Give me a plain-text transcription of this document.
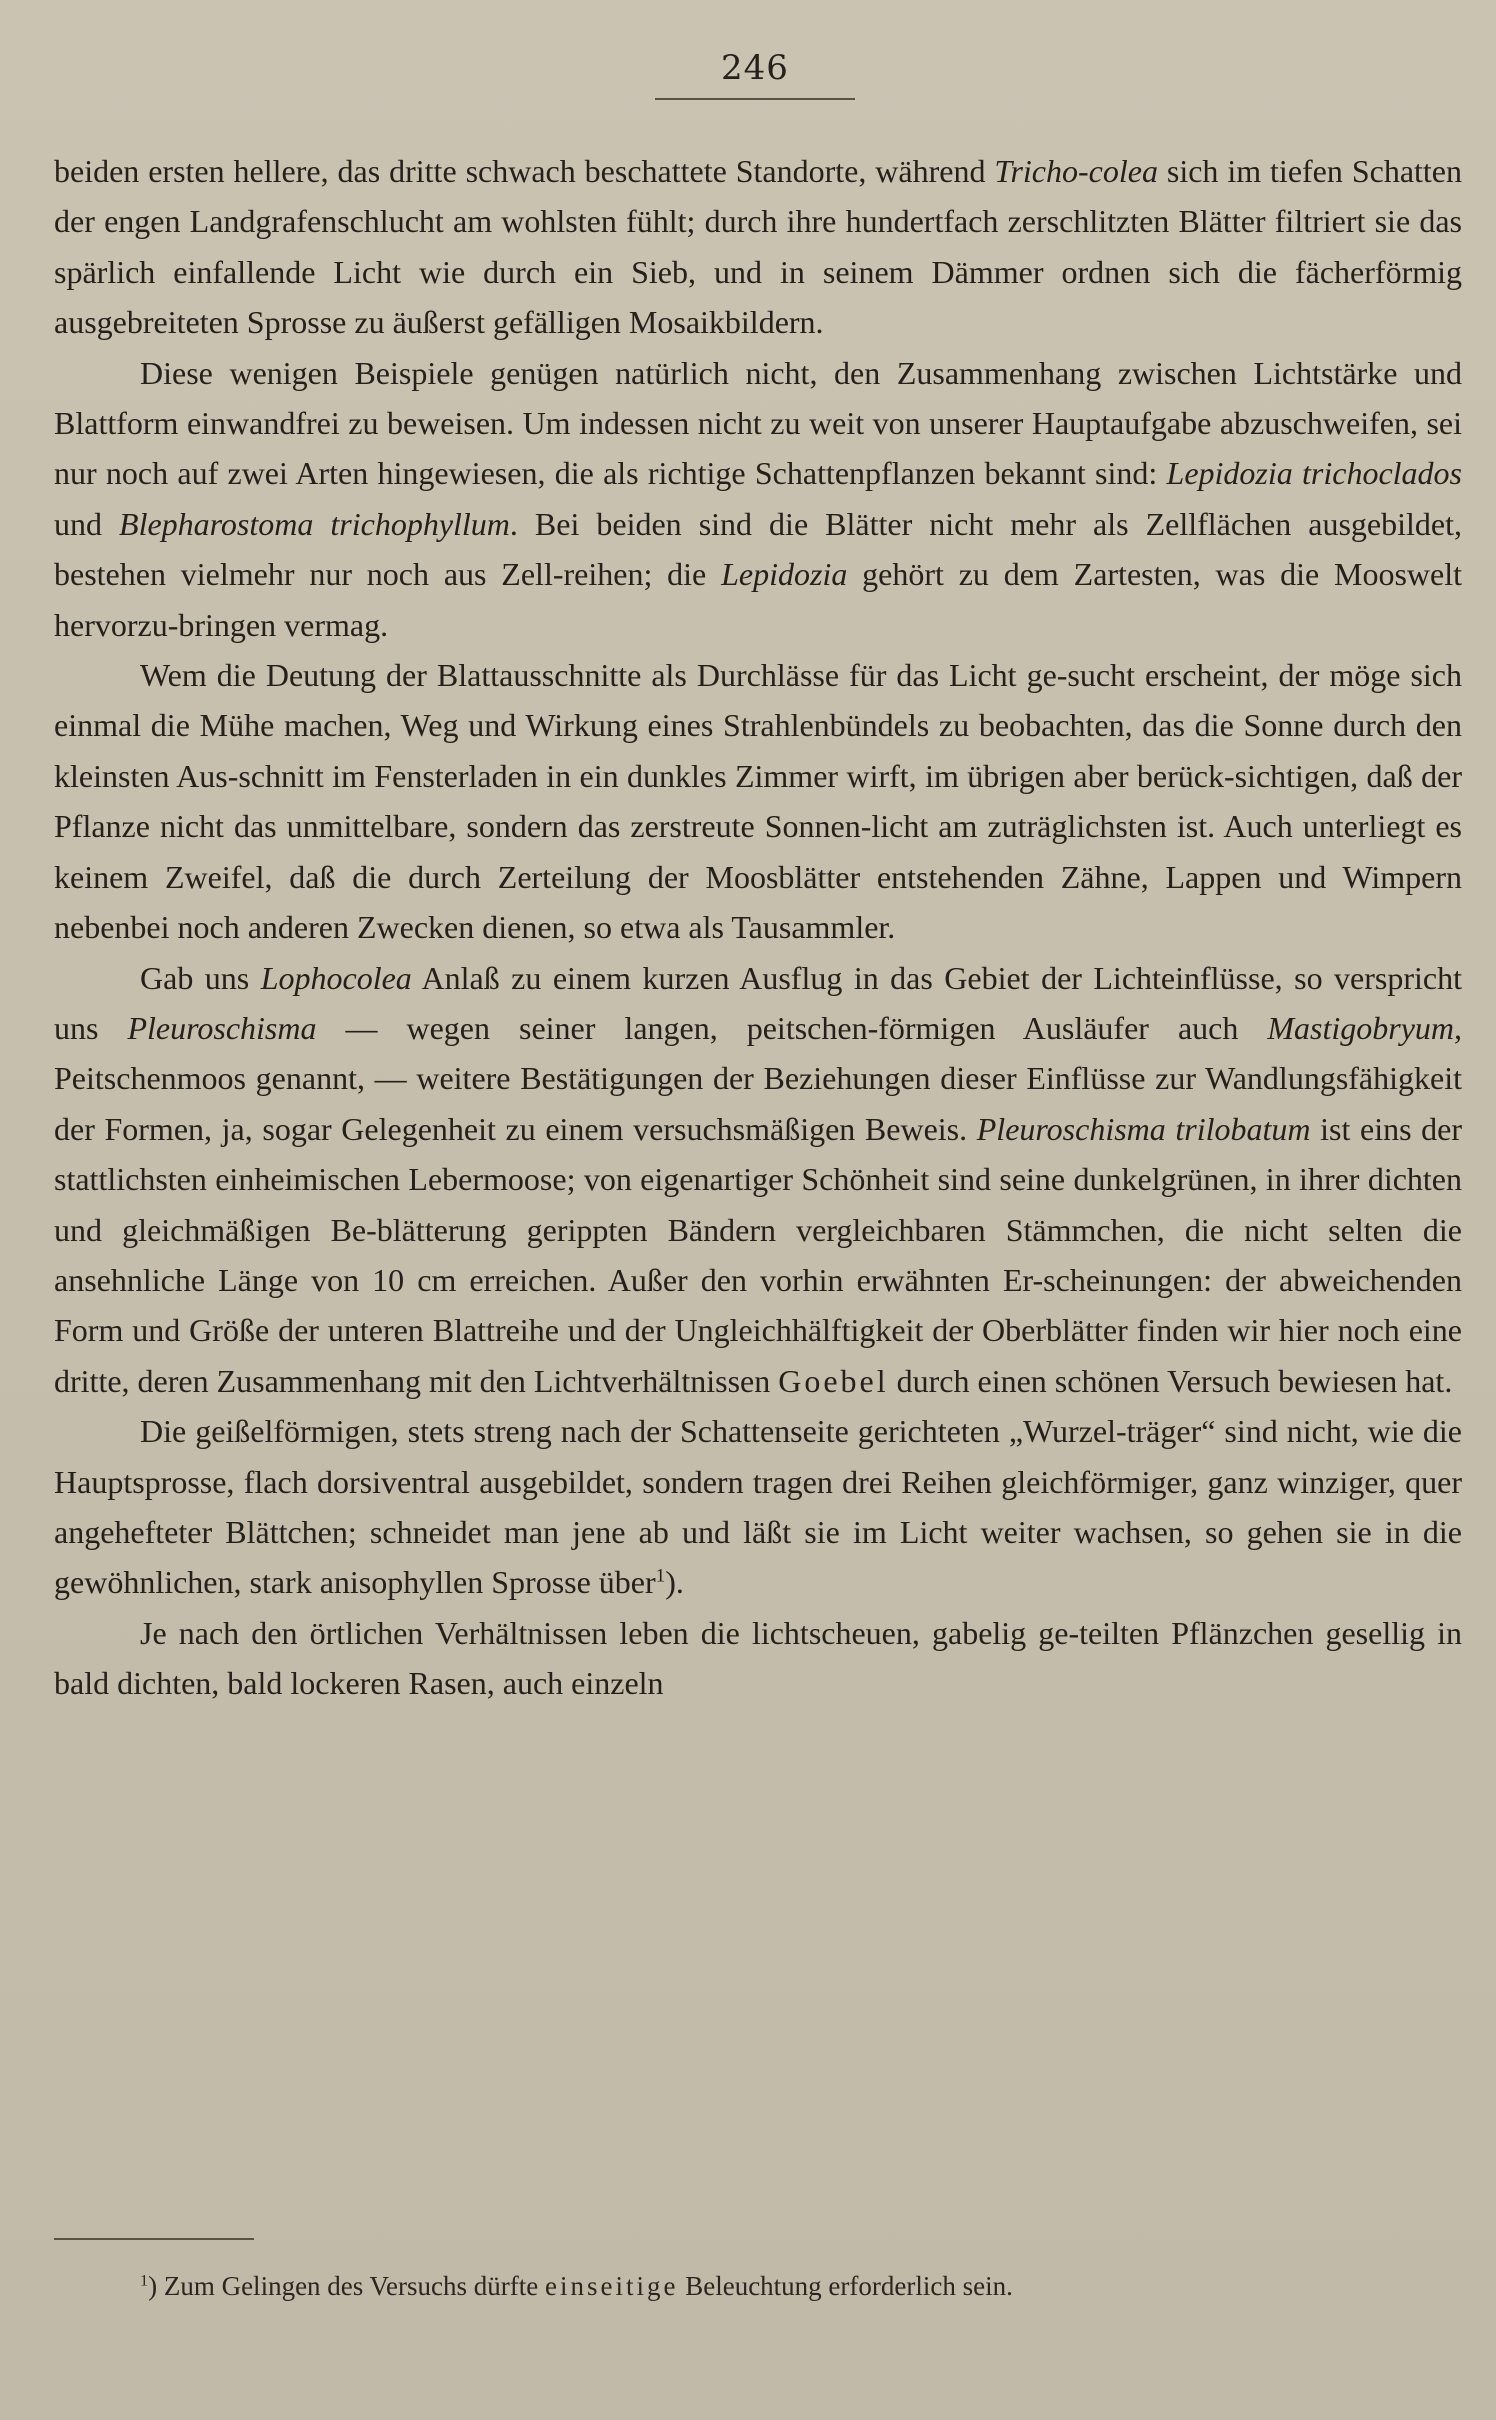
246

beiden ersten hellere, das dritte schwach beschattete Standorte, während Tricho-colea sich im tiefen Schatten der engen Landgrafenschlucht am wohlsten fühlt; durch ihre hundertfach zerschlitzten Blätter filtriert sie das spärlich einfallende Licht wie durch ein Sieb, und in seinem Dämmer ordnen sich die fächerförmig ausgebreiteten Sprosse zu äußerst gefälligen Mosaikbildern.

Diese wenigen Beispiele genügen natürlich nicht, den Zusammenhang zwischen Lichtstärke und Blattform einwandfrei zu beweisen. Um indessen nicht zu weit von unserer Hauptaufgabe abzuschweifen, sei nur noch auf zwei Arten hingewiesen, die als richtige Schattenpflanzen bekannt sind: Lepidozia trichoclados und Blepharostoma trichophyllum. Bei beiden sind die Blätter nicht mehr als Zellflächen ausgebildet, bestehen vielmehr nur noch aus Zell-reihen; die Lepidozia gehört zu dem Zartesten, was die Mooswelt hervorzu-bringen vermag.

Wem die Deutung der Blattausschnitte als Durchlässe für das Licht ge-sucht erscheint, der möge sich einmal die Mühe machen, Weg und Wirkung eines Strahlenbündels zu beobachten, das die Sonne durch den kleinsten Aus-schnitt im Fensterladen in ein dunkles Zimmer wirft, im übrigen aber berück-sichtigen, daß der Pflanze nicht das unmittelbare, sondern das zerstreute Sonnen-licht am zuträglichsten ist. Auch unterliegt es keinem Zweifel, daß die durch Zerteilung der Moosblätter entstehenden Zähne, Lappen und Wimpern nebenbei noch anderen Zwecken dienen, so etwa als Tausammler.

Gab uns Lophocolea Anlaß zu einem kurzen Ausflug in das Gebiet der Lichteinflüsse, so verspricht uns Pleuroschisma — wegen seiner langen, peitschen-förmigen Ausläufer auch Mastigobryum, Peitschenmoos genannt, — weitere Bestätigungen der Beziehungen dieser Einflüsse zur Wandlungsfähigkeit der Formen, ja, sogar Gelegenheit zu einem versuchsmäßigen Beweis. Pleuroschisma trilobatum ist eins der stattlichsten einheimischen Lebermoose; von eigenartiger Schönheit sind seine dunkelgrünen, in ihrer dichten und gleichmäßigen Be-blätterung gerippten Bändern vergleichbaren Stämmchen, die nicht selten die ansehnliche Länge von 10 cm erreichen. Außer den vorhin erwähnten Er-scheinungen: der abweichenden Form und Größe der unteren Blattreihe und der Ungleichhälftigkeit der Oberblätter finden wir hier noch eine dritte, deren Zusammenhang mit den Lichtverhältnissen Goebel durch einen schönen Versuch bewiesen hat.

Die geißelförmigen, stets streng nach der Schattenseite gerichteten „Wurzel-träger“ sind nicht, wie die Hauptsprosse, flach dorsiventral ausgebildet, sondern tragen drei Reihen gleichförmiger, ganz winziger, quer angehefteter Blättchen; schneidet man jene ab und läßt sie im Licht weiter wachsen, so gehen sie in die gewöhnlichen, stark anisophyllen Sprosse über$^1$).

Je nach den örtlichen Verhältnissen leben die lichtscheuen, gabelig ge-teilten Pflänzchen gesellig in bald dichten, bald lockeren Rasen, auch einzeln

$^1$) Zum Gelingen des Versuchs dürfte einseitige Beleuchtung erforderlich sein.
